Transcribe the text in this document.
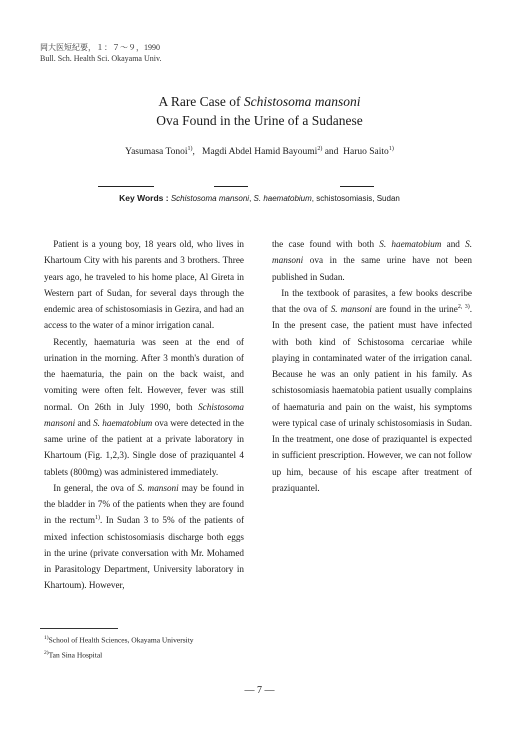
岡大医短紀要，１：７～９，1990
Bull. Sch. Health Sci. Okayama Univ.
A Rare Case of Schistosoma mansoni
Ova Found in the Urine of a Sudanese
Yasumasa Tonoi$^{1)}$,   Magdi Abdel Hamid Bayoumi$^{2)}$ and  Haruo Saito$^{1)}$
Key Words : Schistosoma mansoni, S. haematobium, schistosomiasis, Sudan

Patient is a young boy, 18 years old, who lives in Khartoum City with his parents and 3 brothers. Three years ago, he traveled to his home place, Al Gireta in Western part of Sudan, for several days through the endemic area of schistosomiasis in Gezira, and had an access to the water of a minor irrigation canal.

Recently, haematuria was seen at the end of urination in the morning. After 3 month's duration of the haematuria, the pain on the back waist, and vomiting were often felt. However, fever was still normal. On 26th in July 1990, both Schistosoma mansoni and S. haematobium ova were detected in the same urine of the patient at a private laboratory in Khartoum (Fig. 1,2,3). Single dose of praziquantel 4 tablets (800mg) was administered immediately.

In general, the ova of S. mansoni may be found in the bladder in 7% of the patients when they are found in the rectum$^{1)}$. In Sudan 3 to 5% of the patients of mixed infection schistosomiasis discharge both eggs in the urine (private conversation with Mr. Mohamed in Parasitology Department, University laboratory in Khartoum). However,

the case found with both S. haematobium and S. mansoni ova in the same urine have not been published in Sudan.

In the textbook of parasites, a few books describe that the ova of S. mansoni are found in the urine$^{2, 3)}$. In the present case, the patient must have infected with both kind of Schistosoma cercariae while playing in contaminated water of the irrigation canal. Because he was an only patient in his family. As schistosomiasis haematobia patient usually complains of haematuria and pain on the waist, his symptoms were typical case of urinaly schistosomiasis in Sudan. In the treatment, one dose of praziquantel is expected in sufficient prescription. However, we can not follow up him, because of his escape after treatment of praziquantel.

$^{1)}$School of Health Sciences, Okayama University
$^{2)}$Tan Sina Hospital
— 7 —
